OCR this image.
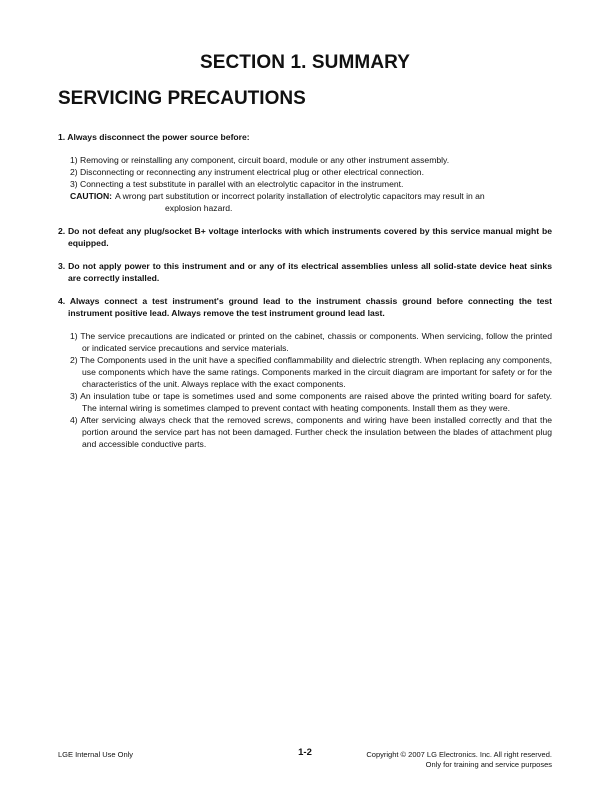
SECTION 1. SUMMARY
SERVICING PRECAUTIONS
1. Always disconnect the power source before:
1) Removing or reinstalling any component, circuit board, module or any other instrument assembly.
2) Disconnecting or reconnecting any instrument electrical plug or other electrical connection.
3) Connecting a test substitute in parallel with an electrolytic capacitor in the instrument.
CAUTION: A wrong part substitution or incorrect polarity installation of electrolytic capacitors may result in an
explosion hazard.
2. Do not defeat any plug/socket B+ voltage interlocks with which instruments covered by this service manual might be equipped.
3. Do not apply power to this instrument and or any of its electrical assemblies unless all solid-state device heat sinks are correctly installed.
4. Always connect a test instrument's ground lead to the instrument chassis ground before connecting the test instrument positive lead. Always remove the test instrument ground lead last.
1) The service precautions are indicated or printed on the cabinet, chassis or components. When servicing, follow the printed or indicated service precautions and service materials.
2) The Components used in the unit have a specified conflammability and dielectric strength. When replacing any components, use components which have the same ratings. Components marked in the circuit diagram are important for safety or for the characteristics of the unit. Always replace with the exact components.
3) An insulation tube or tape is sometimes used and some components are raised above the printed writing board for safety. The internal wiring is sometimes clamped to prevent contact with heating components. Install them as they were.
4) After servicing always check that the removed screws, components and wiring have been installed correctly and that the portion around the service part has not been damaged. Further check the insulation between the blades of attachment plug and accessible conductive parts.
LGE Internal Use Only	1-2	Copyright © 2007 LG Electronics. Inc. All right reserved.
Only for training and service purposes
